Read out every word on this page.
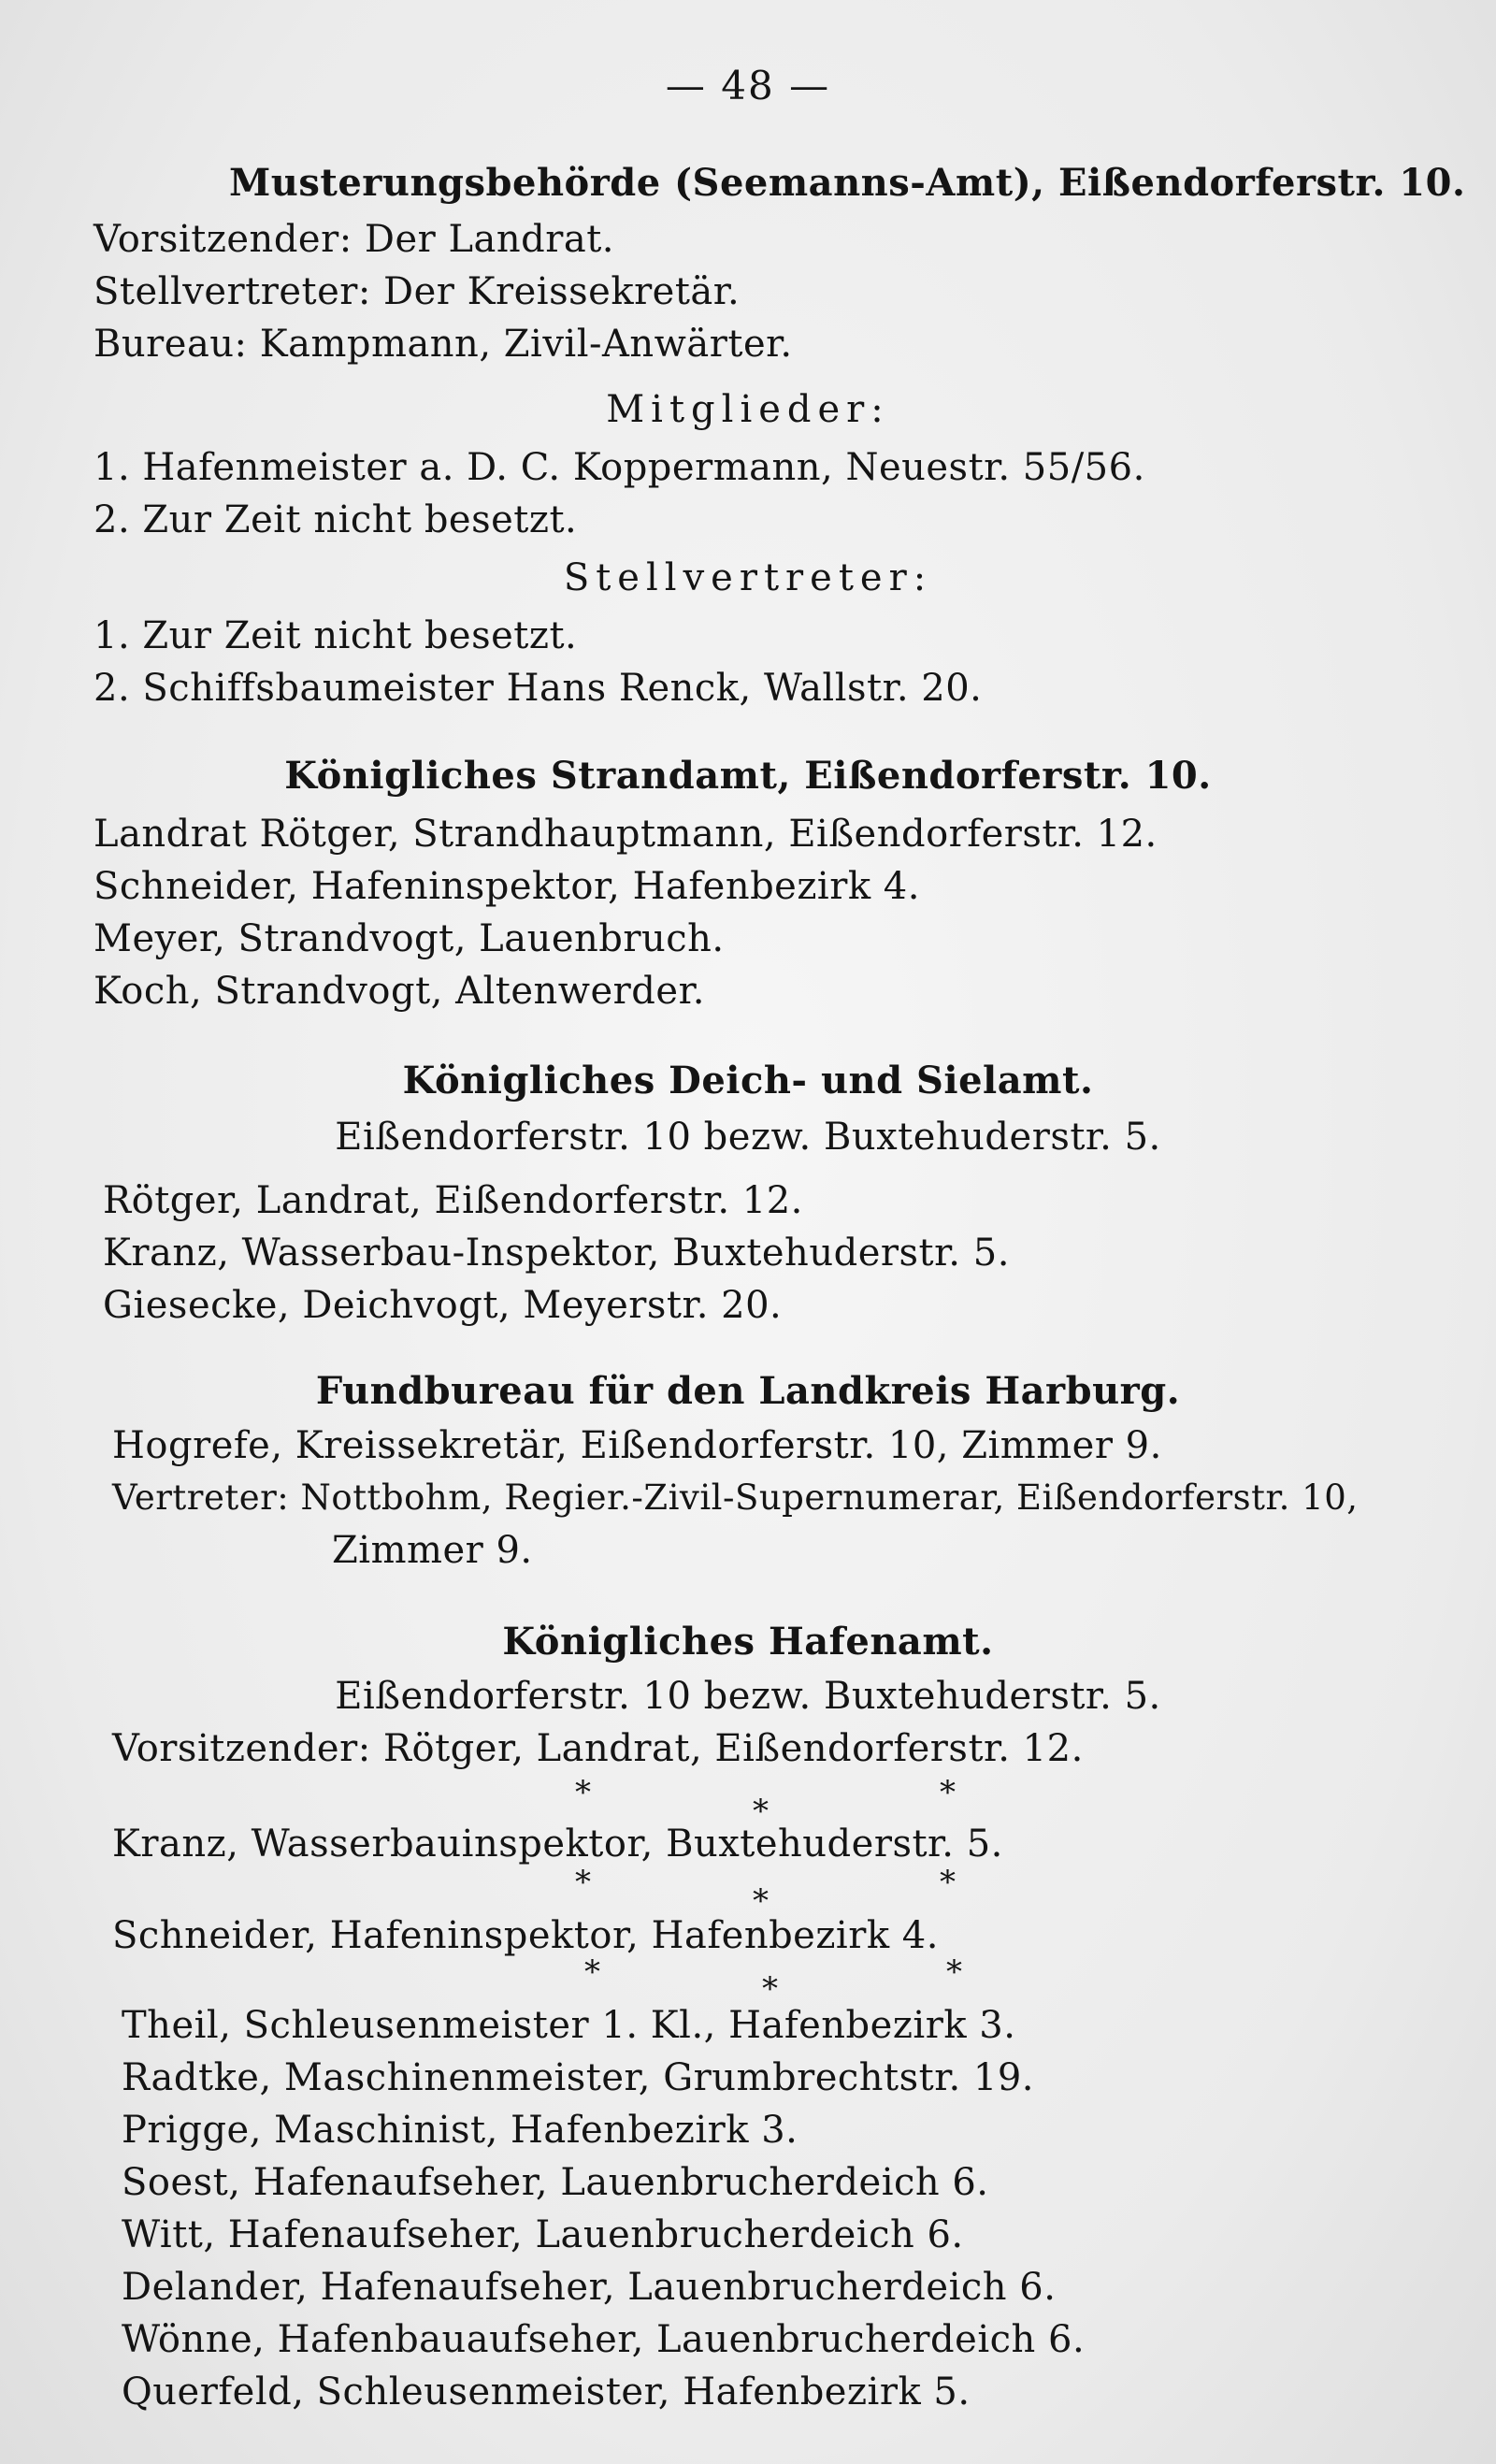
— 48 —
Musterungsbehörde (Seemanns-Amt), Eißendorferstr. 10.
Vorsitzender: Der Landrat.
Stellvertreter: Der Kreissekretär.
Bureau: Kampmann, Zivil-Anwärter.
Mitglieder:
1. Hafenmeister a. D. C. Koppermann, Neuestr. 55/56.
2. Zur Zeit nicht besetzt.
Stellvertreter:
1. Zur Zeit nicht besetzt.
2. Schiffsbaumeister Hans Renck, Wallstr. 20.
Königliches Strandamt, Eißendorferstr. 10.
Landrat Rötger, Strandhauptmann, Eißendorferstr. 12.
Schneider, Hafeninspektor, Hafenbezirk 4.
Meyer, Strandvogt, Lauenbruch.
Koch, Strandvogt, Altenwerder.
Königliches Deich- und Sielamt.
Eißendorferstr. 10 bezw. Buxtehuderstr. 5.
Rötger, Landrat, Eißendorferstr. 12.
Kranz, Wasserbau-Inspektor, Buxtehuderstr. 5.
Giesecke, Deichvogt, Meyerstr. 20.
Fundbureau für den Landkreis Harburg.
Hogrefe, Kreissekretär, Eißendorferstr. 10, Zimmer 9.
Vertreter: Nottbohm, Regier.-Zivil-Supernumerar, Eißendorferstr. 10,
Zimmer 9.
Königliches Hafenamt.
Eißendorferstr. 10 bezw. Buxtehuderstr. 5.
Vorsitzender: Rötger, Landrat, Eißendorferstr. 12.
*	*	*
Kranz, Wasserbauinspektor, Buxtehuderstr. 5.
*	*	*
Schneider, Hafeninspektor, Hafenbezirk 4.
*	*	*
Theil, Schleusenmeister 1. Kl., Hafenbezirk 3.
Radtke, Maschinenmeister, Grumbrechtstr. 19.
Prigge, Maschinist, Hafenbezirk 3.
Soest, Hafenaufseher, Lauenbrucherdeich 6.
Witt, Hafenaufseher, Lauenbrucherdeich 6.
Delander, Hafenaufseher, Lauenbrucherdeich 6.
Wönne, Hafenbauaufseher, Lauenbrucherdeich 6.
Querfeld, Schleusenmeister, Hafenbezirk 5.
